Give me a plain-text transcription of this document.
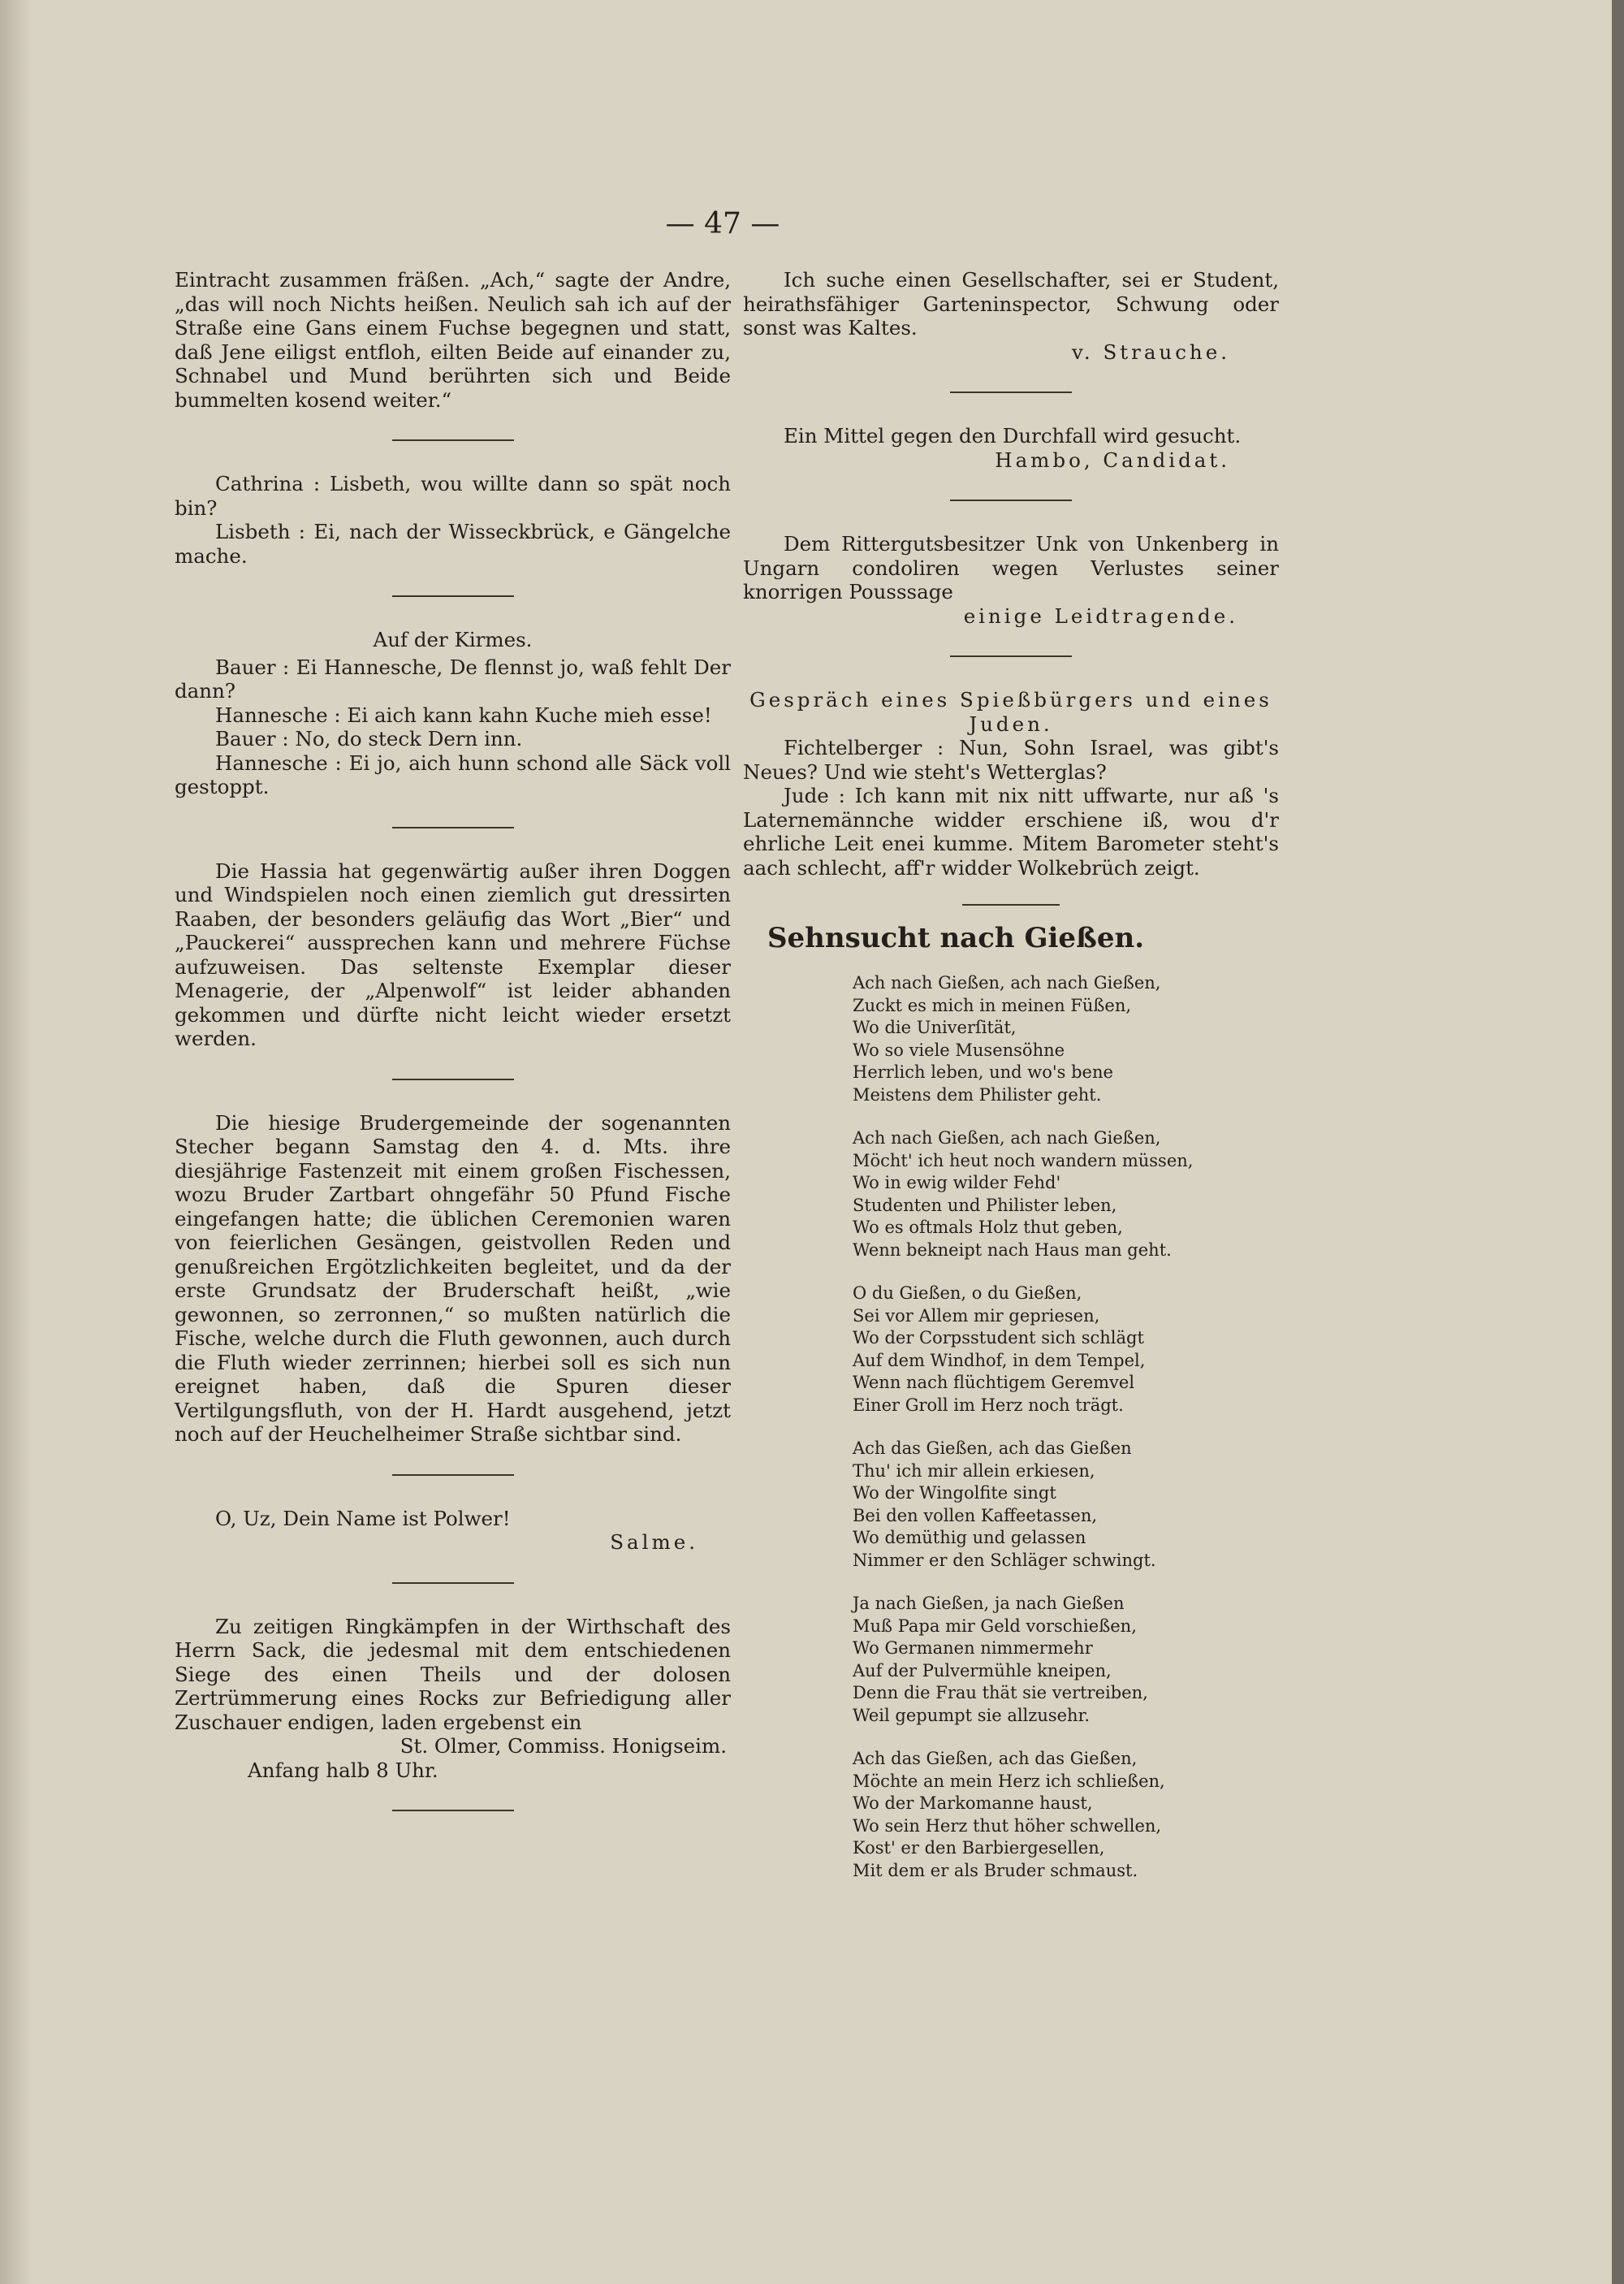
— 47 —

Eintracht zusammen fräßen. „Ach,“ sagte der Andre, „das will noch Nichts heißen. Neulich sah ich auf der Straße eine Gans einem Fuchse begegnen und statt, daß Jene eiligst entfloh, eilten Beide auf einander zu, Schnabel und Mund berührten sich und Beide bummelten kosend weiter.“

Cathrina : Lisbeth, wou willte dann so spät noch bin?

Lisbeth : Ei, nach der Wisseckbrück, e Gängelche mache.

Auf der Kirmes.

Bauer : Ei Hannesche, De flennst jo, waß fehlt Der dann?

Hannesche : Ei aich kann kahn Kuche mieh esse!

Bauer : No, do steck Dern inn.

Hannesche : Ei jo, aich hunn schond alle Säck voll gestoppt.

Die Hassia hat gegenwärtig außer ihren Doggen und Windspielen noch einen ziemlich gut dressirten Raaben, der besonders geläufig das Wort „Bier“ und „Pauckerei“ aussprechen kann und mehrere Füchse aufzuweisen. Das seltenste Exemplar dieser Menagerie, der „Alpenwolf“ ist leider abhanden gekommen und dürfte nicht leicht wieder ersetzt werden.

Die hiesige Brudergemeinde der sogenannten Stecher begann Samstag den 4. d. Mts. ihre diesjährige Fastenzeit mit einem großen Fischessen, wozu Bruder Zartbart ohngefähr 50 Pfund Fische eingefangen hatte; die üblichen Ceremonien waren von feierlichen Gesängen, geistvollen Reden und genußreichen Ergötzlichkeiten begleitet, und da der erste Grundsatz der Bruderschaft heißt, „wie gewonnen, so zerronnen,“ so mußten natürlich die Fische, welche durch die Fluth gewonnen, auch durch die Fluth wieder zerrinnen; hierbei soll es sich nun ereignet haben, daß die Spuren dieser Vertilgungsfluth, von der H. Hardt ausgehend, jetzt noch auf der Heuchelheimer Straße sichtbar sind.

O, Uz, Dein Name ist Polwer!

Salme.

Zu zeitigen Ringkämpfen in der Wirthschaft des Herrn Sack, die jedesmal mit dem entschiedenen Siege des einen Theils und der dolosen Zertrümmerung eines Rocks zur Befriedigung aller Zuschauer endigen, laden ergebenst ein

St. Olmer, Commiss. Honigseim.

Anfang halb 8 Uhr.

Ich suche einen Gesellschafter, sei er Student, heirathsfähiger Garteninspector, Schwung oder sonst was Kaltes.

v. Strauche.

Ein Mittel gegen den Durchfall wird gesucht.

Hambo, Candidat.

Dem Rittergutsbesitzer Unk von Unkenberg in Ungarn condoliren wegen Verlustes seiner knorrigen Pousssage

einige Leidtragende.

Gespräch eines Spießbürgers und eines Juden.

Fichtelberger : Nun, Sohn Israel, was gibt's Neues? Und wie steht's Wetterglas?

Jude : Ich kann mit nix nitt uffwarte, nur aß 's Laternemännche widder erschiene iß, wou d'r ehrliche Leit enei kumme. Mitem Barometer steht's aach schlecht, aff'r widder Wolkebrüch zeigt.

Sehnsucht nach Gießen.
Ach nach Gießen, ach nach Gießen,
Zuckt es mich in meinen Füßen,
Wo die Univerſität,
Wo so viele Musensöhne
Herrlich leben, und wo's bene
Meistens dem Philister geht.
Ach nach Gießen, ach nach Gießen,
Möcht' ich heut noch wandern müssen,
Wo in ewig wilder Fehd'
Studenten und Philister leben,
Wo es oftmals Holz thut geben,
Wenn bekneipt nach Haus man geht.
O du Gießen, o du Gießen,
Sei vor Allem mir gepriesen,
Wo der Corpsstudent sich schlägt
Auf dem Windhof, in dem Tempel,
Wenn nach flüchtigem Geremvel
Einer Groll im Herz noch trägt.
Ach das Gießen, ach das Gießen
Thu' ich mir allein erkiesen,
Wo der Wingolfite singt
Bei den vollen Kaffeetassen,
Wo demüthig und gelassen
Nimmer er den Schläger schwingt.
Ja nach Gießen, ja nach Gießen
Muß Papa mir Geld vorschießen,
Wo Germanen nimmermehr
Auf der Pulvermühle kneipen,
Denn die Frau thät sie vertreiben,
Weil gepumpt sie allzusehr.
Ach das Gießen, ach das Gießen,
Möchte an mein Herz ich schließen,
Wo der Markomanne haust,
Wo sein Herz thut höher schwellen,
Kost' er den Barbiergesellen,
Mit dem er als Bruder schmaust.
